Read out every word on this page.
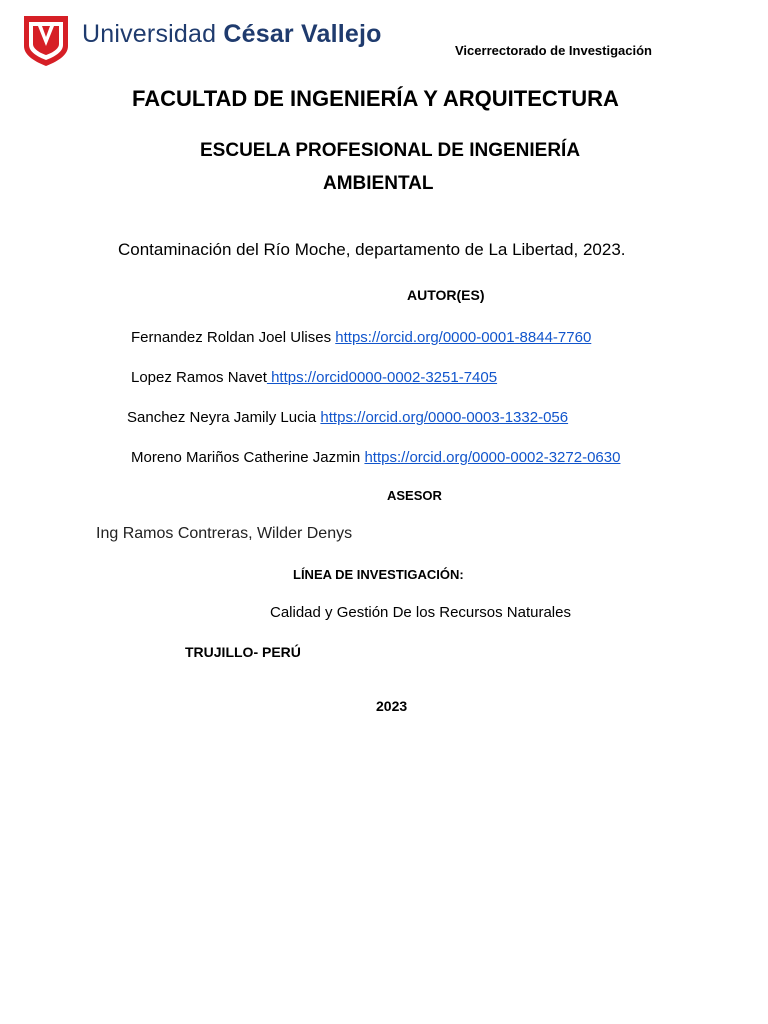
Universidad César Vallejo
Vicerrectorado de Investigación
FACULTAD DE INGENIERÍA Y ARQUITECTURA
ESCUELA PROFESIONAL DE INGENIERÍA
AMBIENTAL
Contaminación del Río Moche, departamento de La Libertad, 2023.
AUTOR(ES)
Fernandez Roldan Joel Ulises https://orcid.org/0000-0001-8844-7760
Lopez Ramos Navet https://orcid0000-0002-3251-7405
Sanchez Neyra Jamily Lucia https://orcid.org/0000-0003-1332-056
Moreno Mariños Catherine Jazmin https://orcid.org/0000-0002-3272-0630
ASESOR
Ing Ramos Contreras, Wilder Denys
LÍNEA DE INVESTIGACIÓN:
Calidad y Gestión De los Recursos Naturales
TRUJILLO- PERÚ
2023
